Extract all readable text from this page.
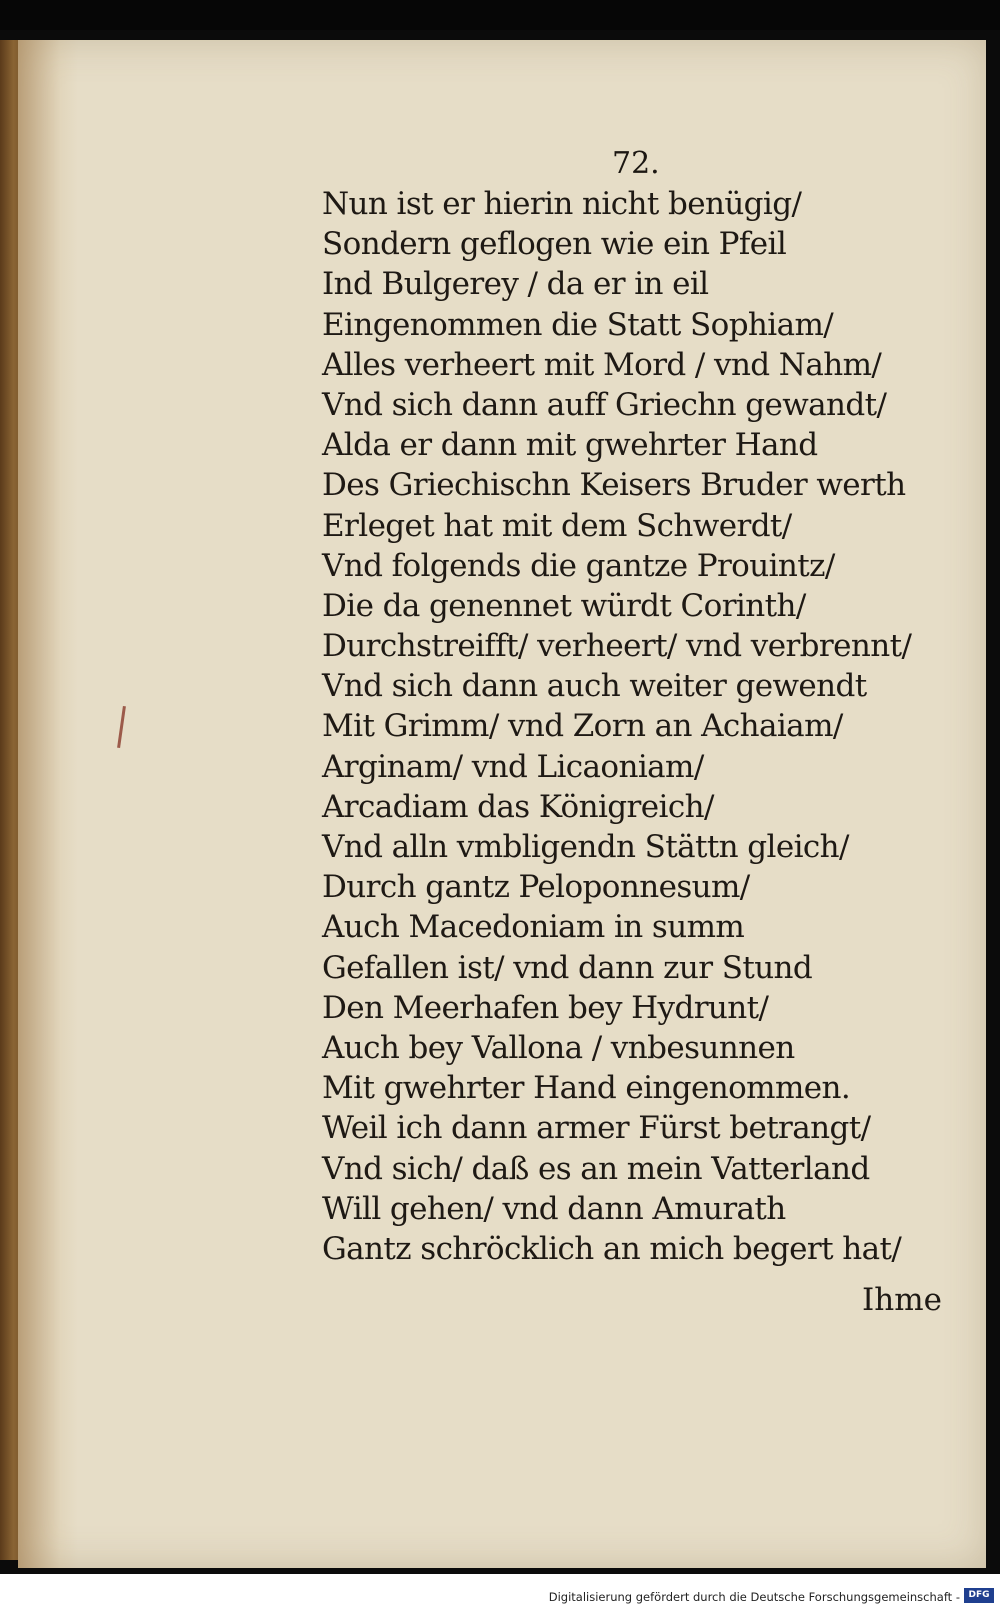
72.
Nun ist er hierin nicht benügig/
Sondern geflogen wie ein Pfeil
Ind Bulgerey / da er in eil
Eingenommen die Statt Sophiam/
Alles verheert mit Mord / vnd Nahm/
Vnd sich dann auff Griechn gewandt/
Alda er dann mit gwehrter Hand
Des Griechischn Keisers Bruder werth
Erleget hat mit dem Schwerdt/
Vnd folgends die gantze Prouintz/
Die da genennet würdt Corinth/
Durchstreifft/ verheert/ vnd verbrennt/
Vnd sich dann auch weiter gewendt
Mit Grimm/ vnd Zorn an Achaiam/
Arginam/ vnd Licaoniam/
Arcadiam das Königreich/
Vnd alln vmbligendn Stättn gleich/
Durch gantz Peloponnesum/
Auch Macedoniam in summ
Gefallen ist/ vnd dann zur Stund
Den Meerhafen bey Hydrunt/
Auch bey Vallona / vnbesunnen
Mit gwehrter Hand eingenommen.
Weil ich dann armer Fürst betrangt/
Vnd sich/ daß es an mein Vatterland
Will gehen/ vnd dann Amurath
Gantz schröcklich an mich begert hat/
Ihme
Digitalisierung gefördert durch die Deutsche Forschungsgemeinschaft - DFG
